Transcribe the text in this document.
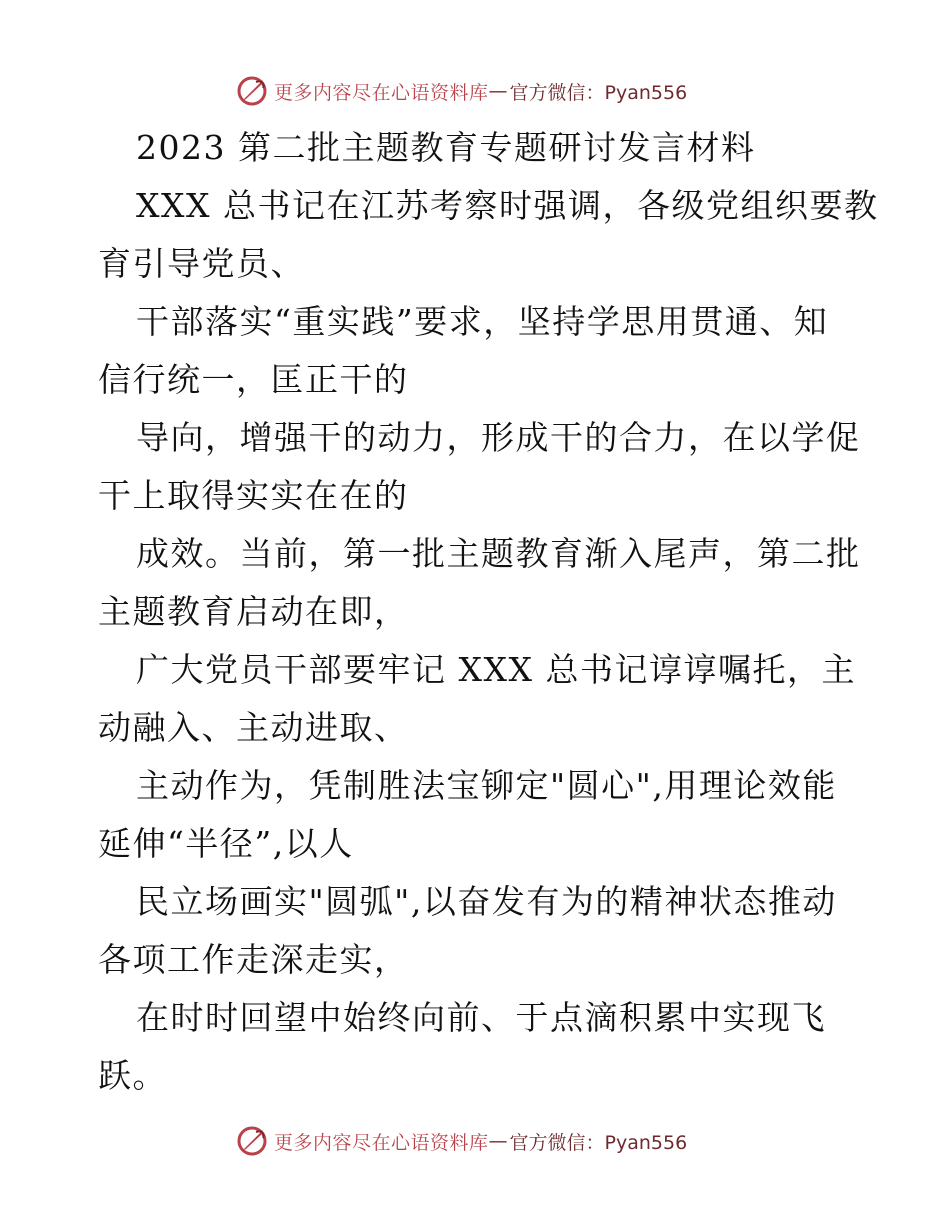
更多内容尽在心语资料库 — 官方微信：Pyan556
2023 第二批主题教育专题研讨发言材料
XXX 总书记在江苏考察时强调，各级党组织要教
育引导党员、
干部落实“重实践”要求，坚持学思用贯通、知
信行统一，匡正干的
导向，增强干的动力，形成干的合力，在以学促
干上取得实实在在的
成效。当前，第一批主题教育渐入尾声，第二批
主题教育启动在即，
广大党员干部要牢记 XXX 总书记谆谆嘱托，主
动融入、主动进取、
主动作为，凭制胜法宝铆定"圆心",用理论效能
延伸“半径”,以人
民立场画实"圆弧",以奋发有为的精神状态推动
各项工作走深走实，
在时时回望中始终向前、于点滴积累中实现飞
跃。
更多内容尽在心语资料库 — 官方微信：Pyan556
